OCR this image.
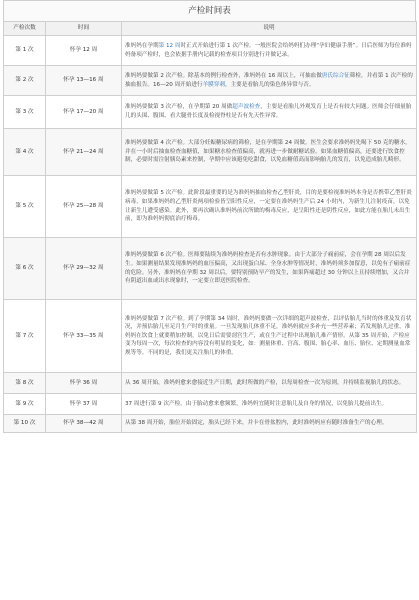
产检时间表
产检次数	时间	说明
第 1 次	怀孕 12 周	准妈妈在孕期第 12 周时正式开始进行第 1 次产检。一般医院会给妈妈们办理“孕妇健康手册”。日后医师为每位准妈妈备项产检时，也会依据手册内记载的检查项目分别进行并做记录。
第 2 次	怀孕 13—16 周	准妈妈要做第 2 次产检。除基本的例行检查外，准妈妈在 16 周以上，可抽血做唐氏综合征筛检，并看第 1 次产检的抽血报告。16—20 周开始进行羊膜穿刺，主要是看胎儿的染色体异常与否。
第 3 次	怀孕 17—20 周	准妈妈要做第 3 次产检，在孕期第 20 周做超声波检查，主要是看胎儿外观发育上是否有较大问题。医师会仔细量胎儿的头围、腹围、看大腿骨长度及检视脊柱是否有先天性异常。
第 4 次	怀孕 21—24 周	准妈妈要做第 4 次产检。大部分妊娠糖尿病的筛检，是在孕期第 24 周做。医生会要求准妈妈先喝下 50 克的糖水，并在一小时后抽血检查血糖值，如果糖水检查值偏高，就再进一步做耐糖试验。如果血糖值偏高，还要进行饮食控制，必要时需注射胰岛素来控制，孕期中应该避免吃甜食，以免血糖值高而影响胎儿的发育，以免造成胎儿畸形。
第 5 次	怀孕 25—28 周	准妈妈要做第 5 次产检。此阶段最重要的是为准妈妈抽血检查乙型肝炎，目的是要检视准妈妈本身是否携带乙型肝炎病毒，如果准妈妈的乙型肝炎两项检验皆呈阳性反应，一定要在准妈妈生产后 24 小时内，为新生儿注射疫苗，以免让新生儿遭受感染。此外，要再次确认准妈妈前次所做的梅毒反应，是呈阳性还是阴性反应，如此方能在胎儿未出生前，即为准妈妈彻底治疗梅毒。
第 6 次	怀孕 29—32 周	准妈妈要做第 6 次产检。医师要陆续为准妈妈检查是否有水肿现象。由于大部分子痫前症，会在孕期 28 周以后发生。如果测量结果发现准妈妈的血压偏高，又出现蛋白尿、全身水肿等情况时，准妈妈须多加留意，以免有子痫前症的危险。另外，准妈妈在孕期 32 周以后，要特别预防早产的发生，如果阵痛超过 30 分钟以上且持续增加，又合并有阴道出血或出水现象时，一定要立即送医院检查。
第 7 次	怀孕 33—35 周	准妈妈要做第 7 次产检。到了孕期第 34 周时，准妈妈要做一次详细的超声波检查，以评估胎儿当时的体重及发育状况，并预估胎儿至足月生产时的重量。一旦发现胎儿体重不足，准妈妈就应多补充一些营养素；若发现胎儿过重，准妈妈在饮食上就要稍加控制，以免日后需要剖宫生产，或在生产过程中出现胎儿难产情形。从第 35 周开始，产检应变为每周一次，每次检查的内容没有明显的变化，如：测量体重、宫高、腹围、胎心率、血压、胎位、定期测量血常规等等。不同的是，我们更关注胎儿的体重。
第 8 次	怀孕 36 周	从 36 周开始，准妈妈愈来愈接近生产日期，此时所做的产检，以每周检查一次为原则，并持续监视胎儿的状态。
第 9 次	怀孕 37 周	37 周进行第 9 次产检。由于胎动愈来愈频繁，准妈妈宜随时注意胎儿及自身的情况，以免胎儿提前出生。
第 10 次	怀孕 38—42 周	从第 38 周开始，胎位开始固定，胎头已经下来，并卡在骨盆腔内，此时准妈妈应有随时准备生产的心理。
